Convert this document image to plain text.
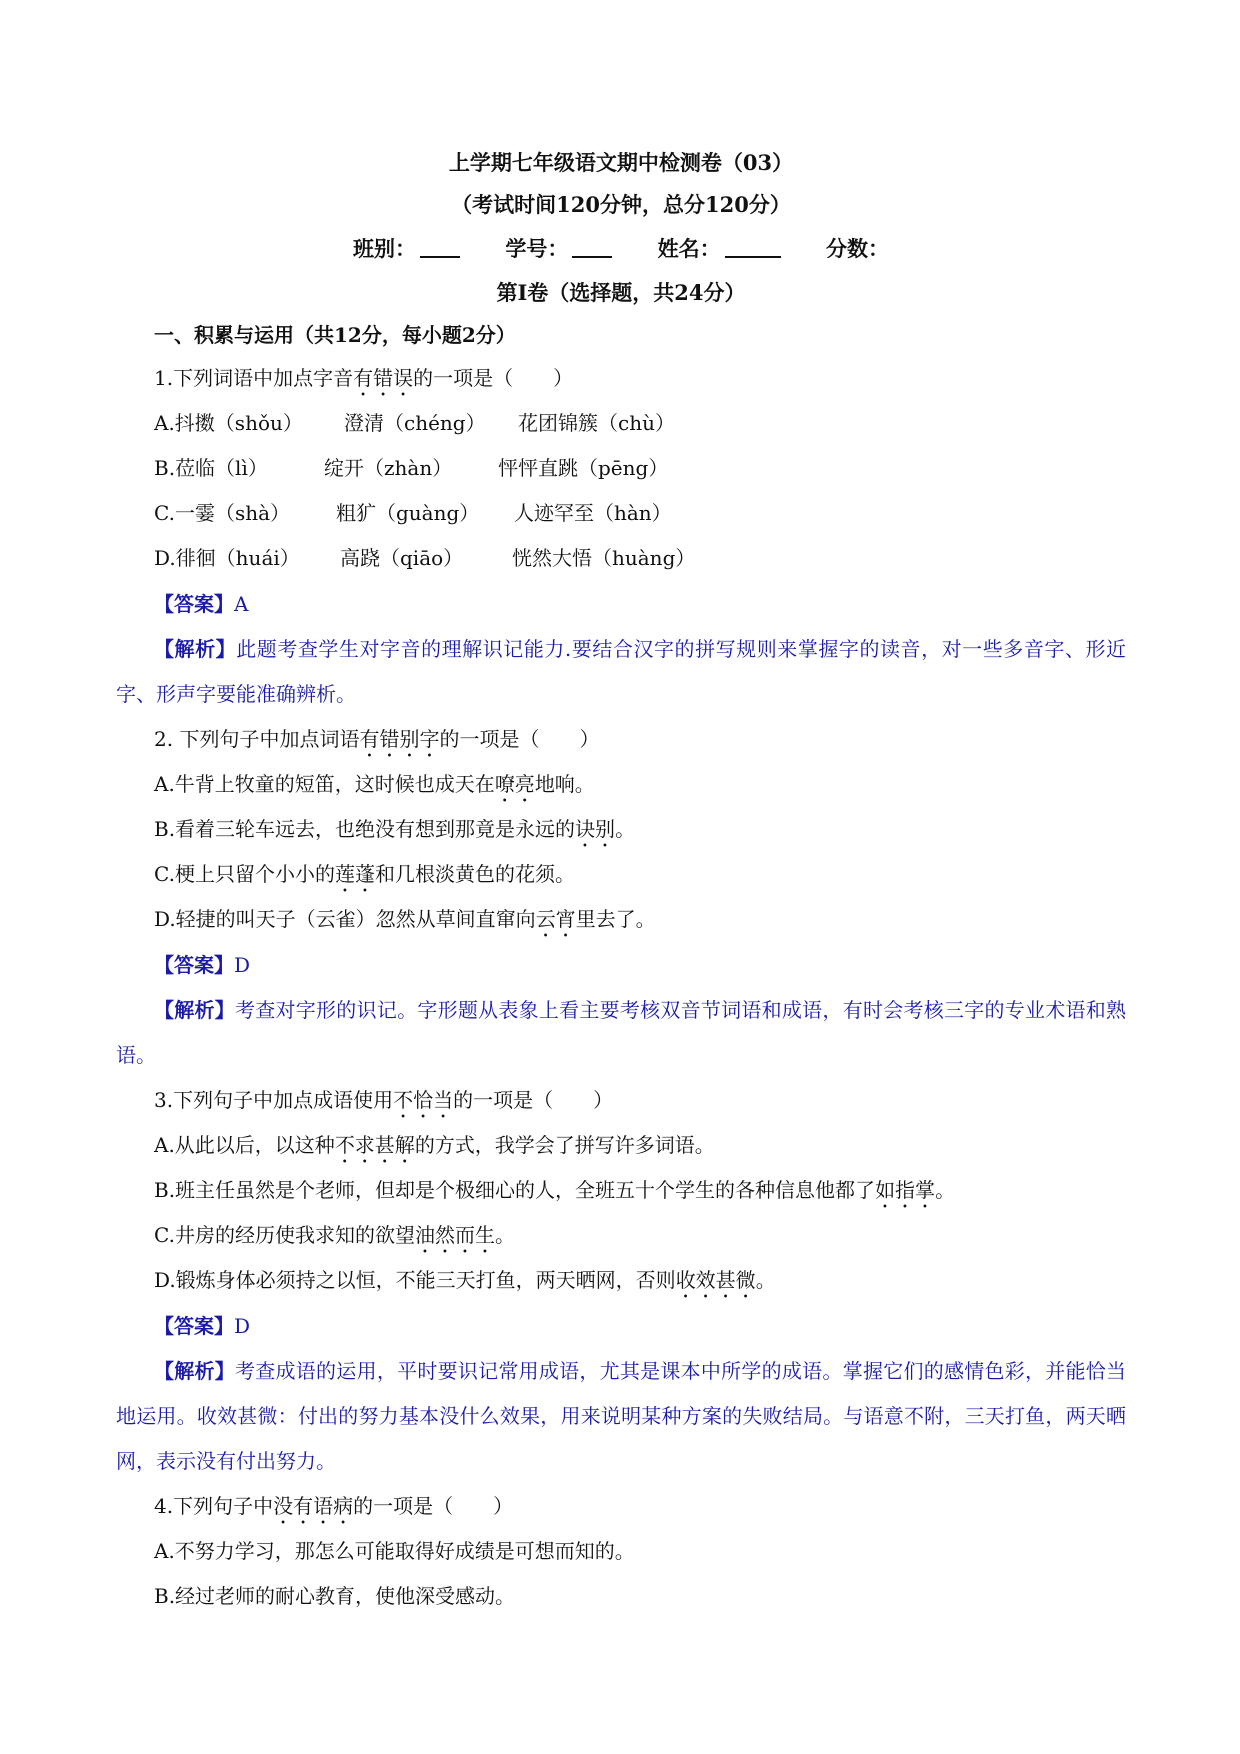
上学期七年级语文期中检测卷（03）
（考试时间120分钟，总分120分）
班别：	学号：	姓名：	分数：
第Ⅰ卷（选择题，共24分）
一、积累与运用（共12分，每小题2分）
1.下列词语中加点字音有错误的一项是（　　）
A.抖擞（shǒu） 澄清（chéng） 花团锦簇（chù）
B.莅临（lì）	绽开（zhàn） 怦怦直跳（pēng）
C.一霎（shà） 粗犷（guàng） 人迹罕至（hàn）
D.徘徊（huái） 高跷（qiāo） 恍然大悟（huàng）
【答案】A
【解析】此题考查学生对字音的理解识记能力.要结合汉字的拼写规则来掌握字的读音，对一些多音字、形近字、形声字要能准确辨析。
2. 下列句子中加点词语有错别字的一项是（　　）
A.牛背上牧童的短笛，这时候也成天在嘹亮地响。
B.看着三轮车远去，也绝没有想到那竟是永远的诀别。
C.梗上只留个小小的莲蓬和几根淡黄色的花须。
D.轻捷的叫天子（云雀）忽然从草间直窜向云宵里去了。
【答案】D
【解析】考查对字形的识记。字形题从表象上看主要考核双音节词语和成语，有时会考核三字的专业术语和熟语。
3.下列句子中加点成语使用不恰当的一项是（　　）
A.从此以后，以这种不求甚解的方式，我学会了拼写许多词语。
B.班主任虽然是个老师，但却是个极细心的人，全班五十个学生的各种信息他都了如指掌。
C.井房的经历使我求知的欲望油然而生。
D.锻炼身体必须持之以恒，不能三天打鱼，两天晒网，否则收效甚微。
【答案】D
【解析】考查成语的运用，平时要识记常用成语，尤其是课本中所学的成语。掌握它们的感情色彩，并能恰当地运用。收效甚微：付出的努力基本没什么效果，用来说明某种方案的失败结局。与语意不附，三天打鱼，两天晒网，表示没有付出努力。
4.下列句子中没有语病的一项是（　　）
A.不努力学习，那怎么可能取得好成绩是可想而知的。
B.经过老师的耐心教育，使他深受感动。
